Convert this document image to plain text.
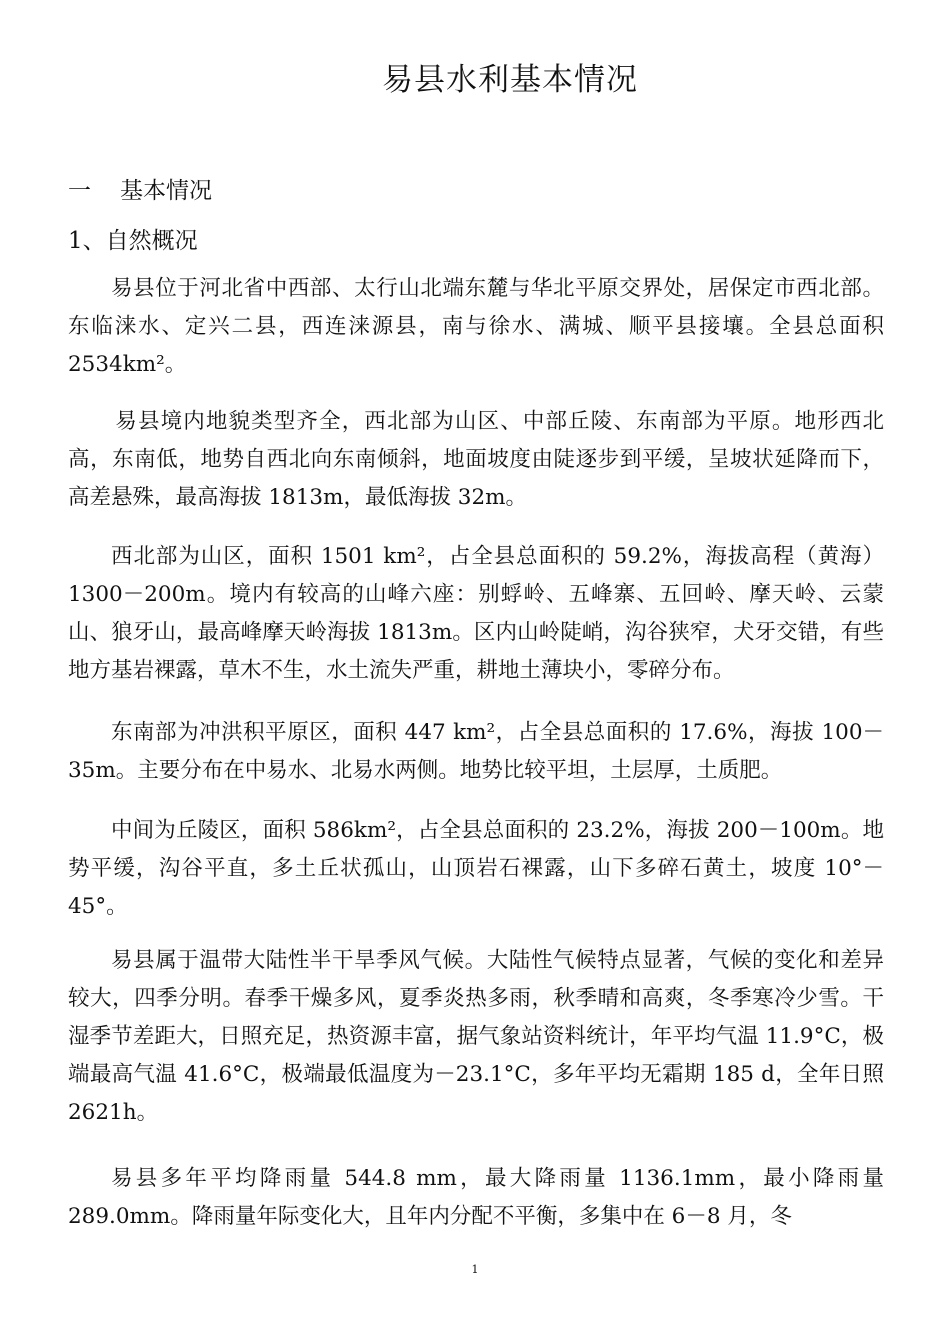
易县水利基本情况
一 基本情况
1、自然概况

易县位于河北省中西部、太行山北端东麓与华北平原交界处，居保定市西北部。东临涞水、定兴二县，西连涞源县，南与徐水、满城、顺平县接壤。全县总面积 2534km²。

易县境内地貌类型齐全，西北部为山区、中部丘陵、东南部为平原。地形西北高，东南低，地势自西北向东南倾斜，地面坡度由陡逐步到平缓，呈坡状延降而下，高差悬殊，最高海拔 1813m，最低海拔 32m。

西北部为山区，面积 1501 km²，占全县总面积的 59.2%，海拔高程（黄海）1300－200m。境内有较高的山峰六座：别蜉岭、五峰寨、五回岭、摩天岭、云蒙山、狼牙山，最高峰摩天岭海拔 1813m。区内山岭陡峭，沟谷狭窄，犬牙交错，有些地方基岩裸露，草木不生，水土流失严重，耕地土薄块小，零碎分布。

东南部为冲洪积平原区，面积 447 km²，占全县总面积的 17.6%，海拔 100－35m。主要分布在中易水、北易水两侧。地势比较平坦，土层厚，土质肥。

中间为丘陵区，面积 586km²，占全县总面积的 23.2%，海拔 200－100m。地势平缓，沟谷平直，多土丘状孤山，山顶岩石裸露，山下多碎石黄土，坡度 10°－45°。

易县属于温带大陆性半干旱季风气候。大陆性气候特点显著，气候的变化和差异较大，四季分明。春季干燥多风，夏季炎热多雨，秋季晴和高爽，冬季寒冷少雪。干湿季节差距大，日照充足，热资源丰富，据气象站资料统计，年平均气温 11.9°C，极端最高气温 41.6°C，极端最低温度为－23.1°C，多年平均无霜期 185 d，全年日照 2621h。

易县多年平均降雨量 544.8 mm，最大降雨量 1136.1mm，最小降雨量 289.0mm。降雨量年际变化大，且年内分配不平衡，多集中在 6－8 月，冬

1
